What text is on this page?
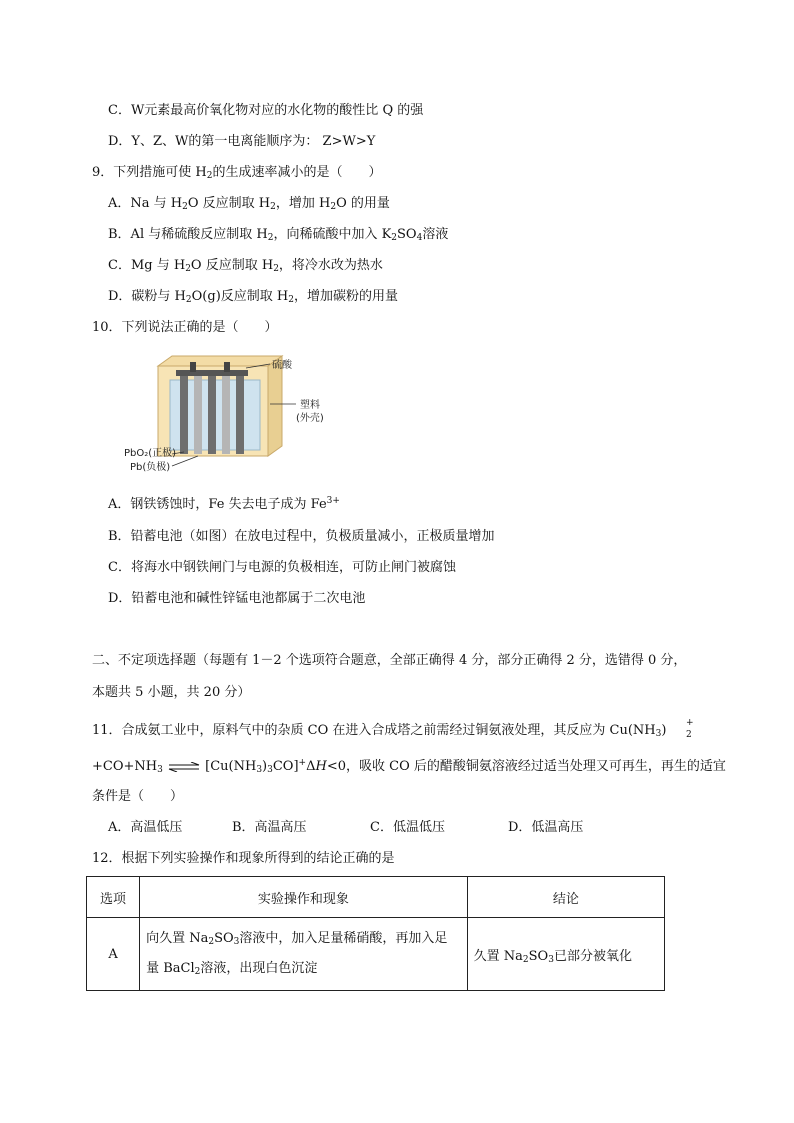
C．W元素最高价氧化物对应的水化物的酸性比 Q 的强
D．Y、Z、W的第一电离能顺序为： Z>W>Y
9．下列措施可使 $H_2$的生成速率减小的是（　　）
A．Na 与 $H_2O$ 反应制取 $H_2$，增加 $H_2O$ 的用量
B．Al 与稀硫酸反应制取 $H_2$，向稀硫酸中加入 $K_2SO_4$溶液
C．Mg 与 $H_2O$ 反应制取 $H_2$，将冷水改为热水
D．碳粉与 $H_2O(g)$反应制取 $H_2$，增加碳粉的用量
10．下列说法正确的是（　　）
硫酸
塑料
(外壳)
PbO₂(正极)
Pb(负极)
A．钢铁锈蚀时，Fe 失去电子成为 $Fe^{3+}$
B．铅蓄电池（如图）在放电过程中，负极质量减小，正极质量增加
C．将海水中钢铁闸门与电源的负极相连，可防止闸门被腐蚀
D．铅蓄电池和碱性锌锰电池都属于二次电池
二、不定项选择题（每题有 1－2 个选项符合题意，全部正确得 4 分，部分正确得 2 分，选错得 0 分，
本题共 5 小题，共 20 分）
11．合成氨工业中，原料气中的杂质 CO 在进入合成塔之前需经过铜氨液处理，其反应为 $Cu(NH_3)$ +
2
$+CO+NH_3$ ⇌ $[Cu(NH_3)_3CO]^+\Delta H<0$，吸收 CO 后的醋酸铜氨溶液经过适当处理又可再生，再生的适宜
条件是（　　）
A．高温低压	B．高温高压	C．低温低压	D．低温高压
12．根据下列实验操作和现象所得到的结论正确的是
选项	实验操作和现象	结论
A	向久置 $Na_2SO_3$溶液中，加入足量稀硝酸，再加入足
量 BaCl$_2$溶液，出现白色沉淀	久置 $Na_2SO_3$已部分被氧化
